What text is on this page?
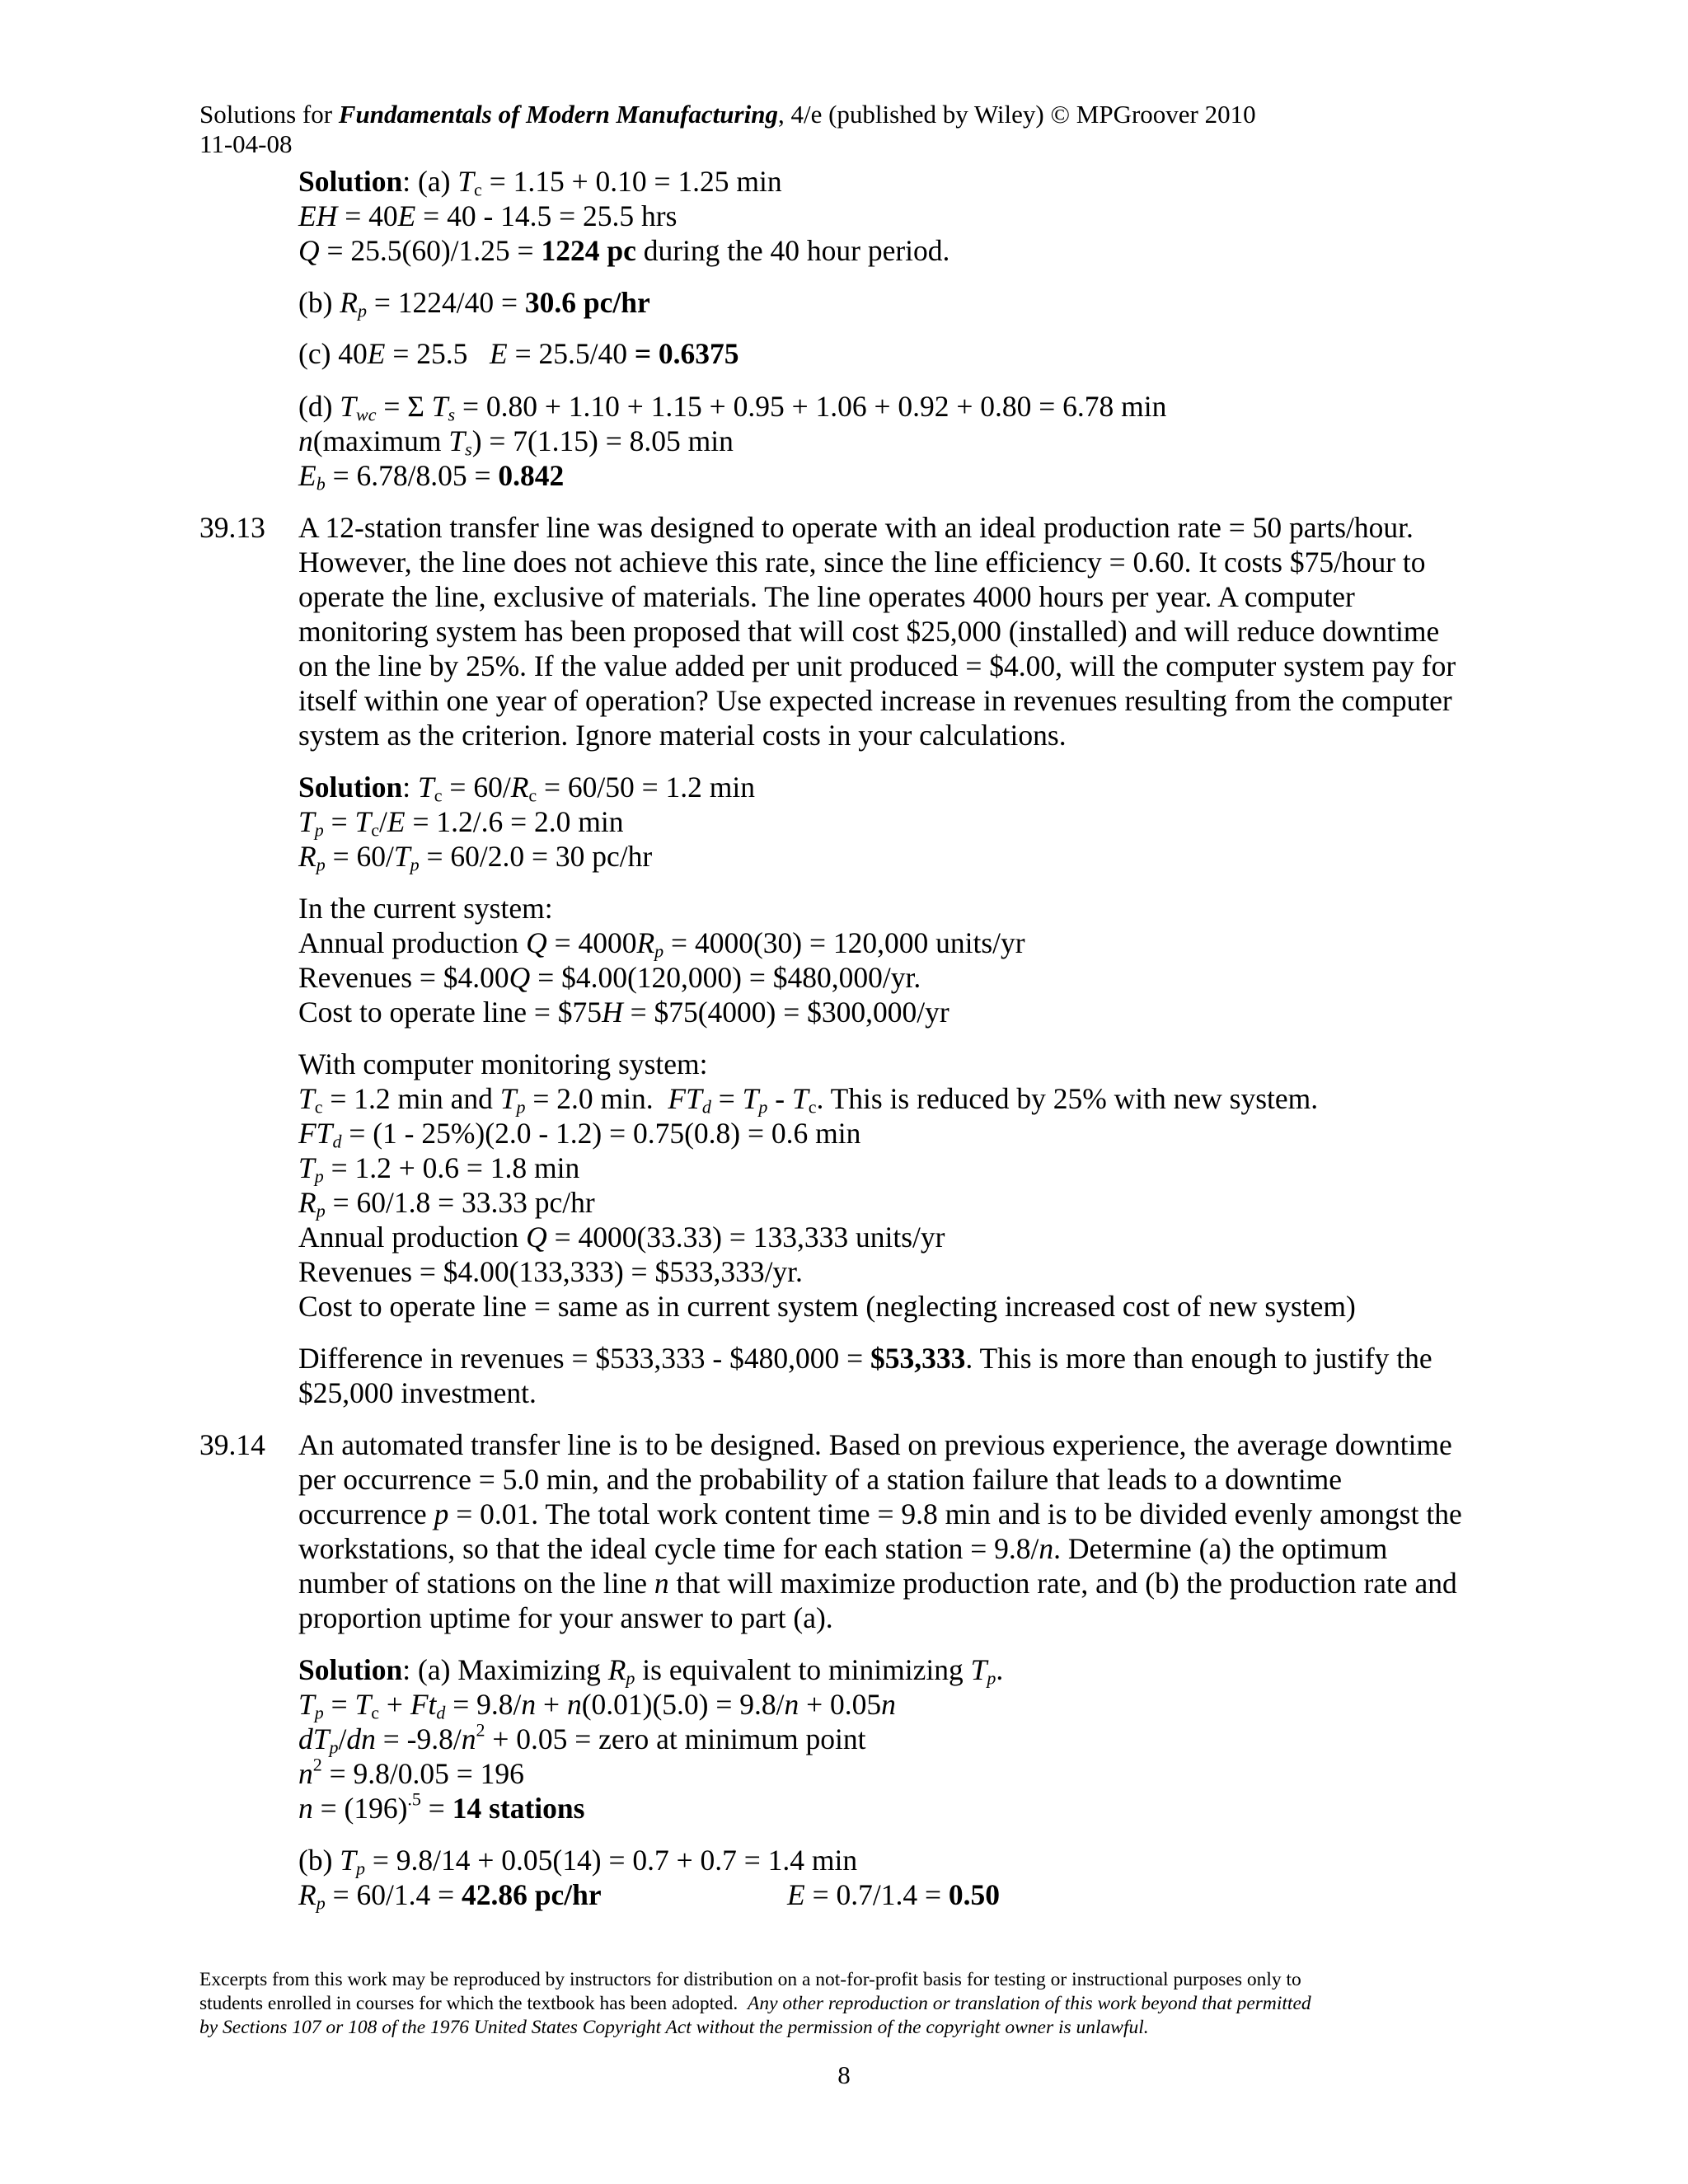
Solutions for Fundamentals of Modern Manufacturing, 4/e (published by Wiley) © MPGroover 2010
11-04-08
Solution: (a) $T_c = 1.15 + 0.10 = 1.25$ min
EH = 40E = 40 - 14.5 = 25.5 hrs
Q = 25.5(60)/1.25 = 1224 pc during the 40 hour period.
(b) $R_p = 1224/40 = 30.6$ pc/hr
(c) 40E = 25.5   E = 25.5/40 = 0.6375
(d) $T_{wc} = \Sigma$ $T_s = 0.80 + 1.10 + 1.15 + 0.95 + 1.06 + 0.92 + 0.80 = 6.78$ min
n(maximum $T_s) = 7(1.15) = 8.05$ min
$E_b = 6.78/8.05 = 0.842$
39.13 A 12-station transfer line was designed to operate with an ideal production rate = 50 parts/hour.
However, the line does not achieve this rate, since the line efficiency = 0.60. It costs $75/hour to
operate the line, exclusive of materials. The line operates 4000 hours per year. A computer
monitoring system has been proposed that will cost $25,000 (installed) and will reduce downtime
on the line by 25%. If the value added per unit produced = $4.00, will the computer system pay for
itself within one year of operation? Use expected increase in revenues resulting from the computer
system as the criterion. Ignore material costs in your calculations.
Solution: $T_c = 60/R_c = 60/50 = 1.2$ min
$T_p = T_c/E = 1.2/.6 = 2.0$ min
$R_p = 60/T_p = 60/2.0 = 30$ pc/hr
In the current system:
Annual production $Q = 4000R_p = 4000(30) = 120,000$ units/yr
Revenues = $4.00Q = $4.00(120,000) = $480,000/yr.
Cost to operate line = $75H = $75(4000) = $300,000/yr
With computer monitoring system:
$T_c = 1.2$ min and $T_p = 2.0$ min.  $FT_d = T_p - T_c$. This is reduced by 25% with new system.
$FT_d = (1 - 25\%)(2.0 - 1.2) = 0.75(0.8) = 0.6$ min
$T_p = 1.2 + 0.6 = 1.8$ min
$R_p = 60/1.8 = 33.33$ pc/hr
Annual production Q = 4000(33.33) = 133,333 units/yr
Revenues = $4.00(133,333) = $533,333/yr.
Cost to operate line = same as in current system (neglecting increased cost of new system)
Difference in revenues = $533,333 - $480,000 = $53,333. This is more than enough to justify the
$25,000 investment.
39.14 An automated transfer line is to be designed. Based on previous experience, the average downtime
per occurrence = 5.0 min, and the probability of a station failure that leads to a downtime
occurrence p = 0.01. The total work content time = 9.8 min and is to be divided evenly amongst the
workstations, so that the ideal cycle time for each station = 9.8/n. Determine (a) the optimum
number of stations on the line n that will maximize production rate, and (b) the production rate and
proportion uptime for your answer to part (a).
Solution: (a) Maximizing $R_p$ is equivalent to minimizing $T_p$.
$T_p = T_c + Ft_d = 9.8/n + n(0.01)(5.0) = 9.8/n + 0.05n$
$dT_p/dn = -9.8/n^2 + 0.05$ = zero at minimum point
$n^2 = 9.8/0.05 = 196$
$n = (196)^{.5} = 14$ stations
(b) $T_p = 9.8/14 + 0.05(14) = 0.7 + 0.7 = 1.4$ min
$R_p = 60/1.4 = 42.86$ pc/hr	E = 0.7/1.4 = 0.50
Excerpts from this work may be reproduced by instructors for distribution on a not-for-profit basis for testing or instructional purposes only to
students enrolled in courses for which the textbook has been adopted.  Any other reproduction or translation of this work beyond that permitted
by Sections 107 or 108 of the 1976 United States Copyright Act without the permission of the copyright owner is unlawful.
8
